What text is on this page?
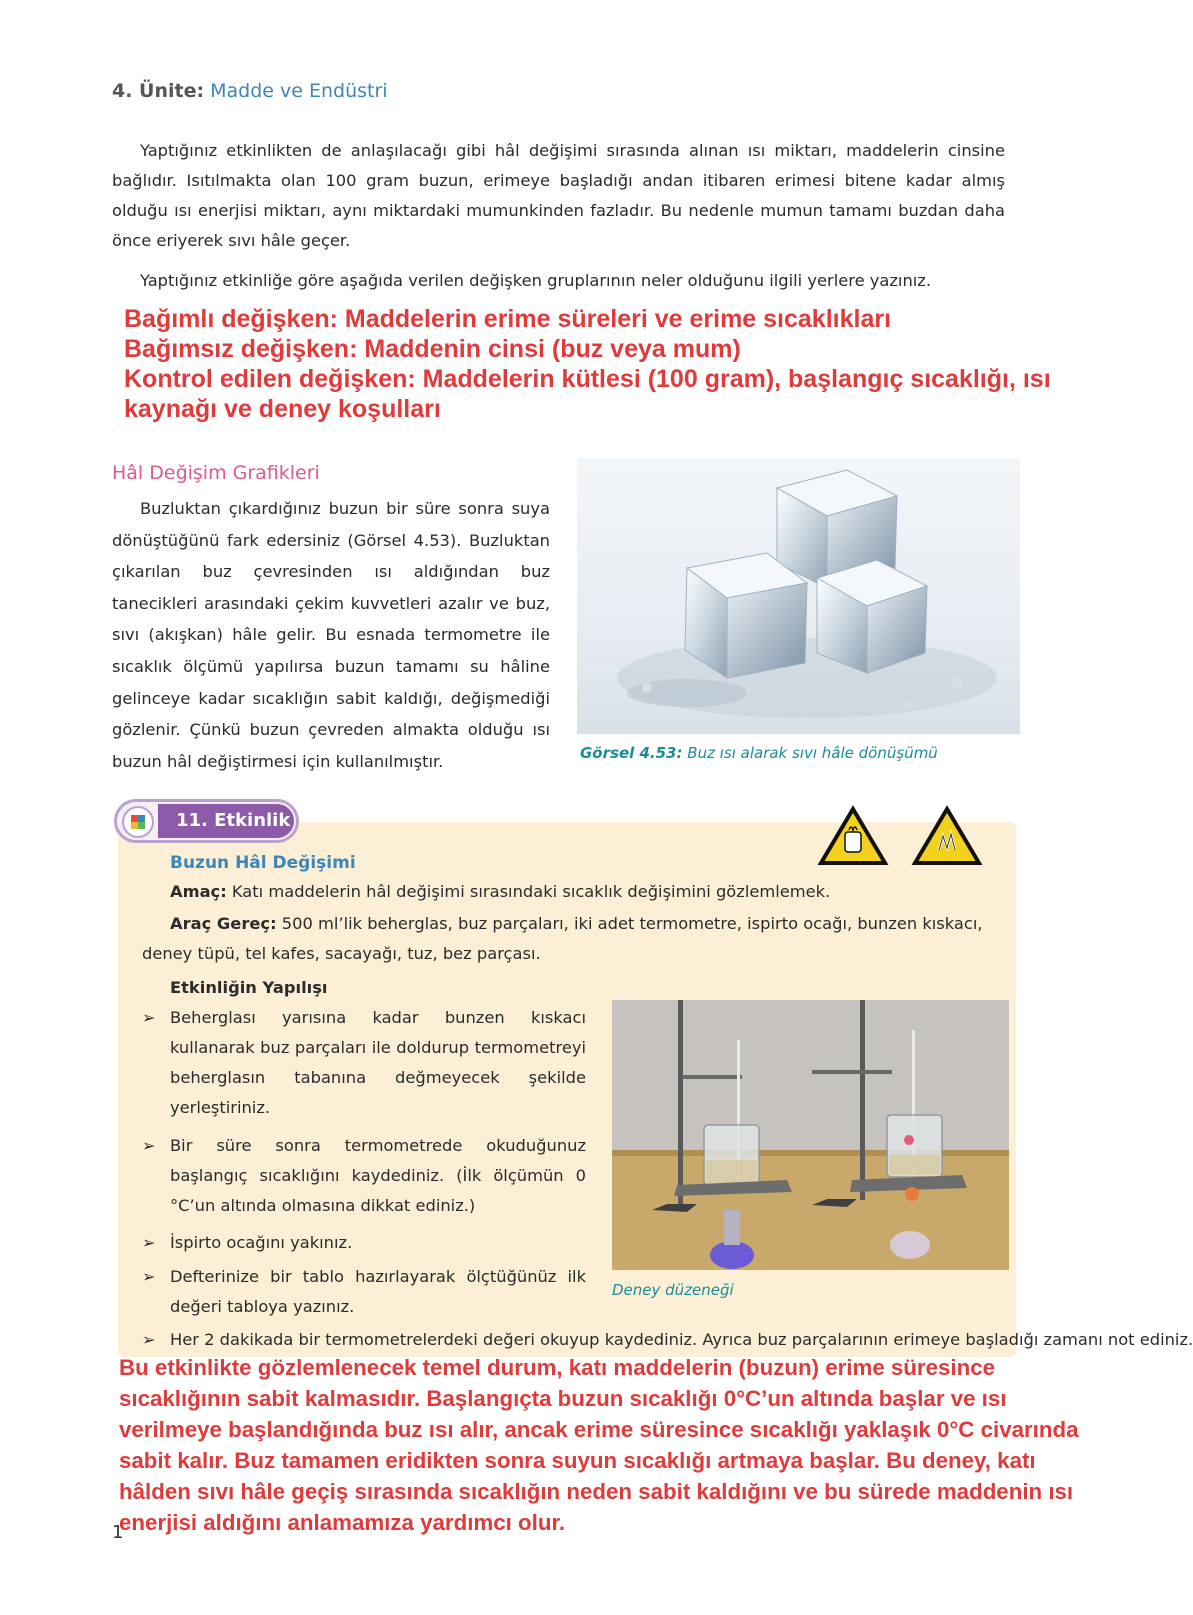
4. Ünite: Madde ve Endüstri
Yaptığınız etkinlikten de anlaşılacağı gibi hâl değişimi sırasında alınan ısı miktarı, maddelerin cinsine bağlıdır. Isıtılmakta olan 100 gram buzun, erimeye başladığı andan itibaren erimesi bitene kadar almış olduğu ısı enerjisi miktarı, aynı miktardaki mumunkinden fazladır. Bu nedenle mumun tamamı buzdan daha önce eriyerek sıvı hâle geçer.
Yaptığınız etkinliğe göre aşağıda verilen değişken gruplarının neler olduğunu ilgili yerlere yazınız.
Bağımlı değişken: Maddelerin erime süreleri ve erime sıcaklıkları
Bağımsız değişken: Maddenin cinsi (buz veya mum)
Kontrol edilen değişken: Maddelerin kütlesi (100 gram), başlangıç sıcaklığı, ısı kaynağı ve deney koşulları
Hâl Değişim Grafikleri
Buzluktan çıkardığınız buzun bir süre sonra suya dönüştüğünü fark edersiniz (Görsel 4.53). Buzluktan çıkarılan buz çevresinden ısı aldığından buz tanecikleri arasındaki çekim kuvvetleri azalır ve buz, sıvı (akışkan) hâle gelir. Bu esnada termometre ile sıcaklık ölçümü yapılırsa buzun tamamı su hâline gelinceye kadar sıcaklığın sabit kaldığı, değişmediği gözlenir. Çünkü buzun çevreden almakta olduğu ısı buzun hâl değiştirmesi için kullanılmıştır.	Görsel 4.53: Buz ısı alarak sıvı hâle dönüşümü
11. Etkinlik
Buzun Hâl Değişimi
Amaç: Katı maddelerin hâl değişimi sırasındaki sıcaklık değişimini gözlemlemek.
Araç Gereç: 500 ml’lik beherglas, buz parçaları, iki adet termometre, ispirto ocağı, bunzen kıskacı, deney tüpü, tel kafes, sacayağı, tuz, bez parçası.
Etkinliğin Yapılışı
➢ Beherglası yarısına kadar bunzen kıskacı kullanarak buz parçaları ile doldurup termometreyi beherglasın tabanına değmeyecek şekilde yerleştiriniz.
➢ Bir süre sonra termometrede okuduğunuz başlangıç sıcaklığını kaydediniz. (İlk ölçümün 0 °C’un altında olmasına dikkat ediniz.)
➢ İspirto ocağını yakınız.
➢ Defterinize bir tablo hazırlayarak ölçtüğünüz ilk değeri tabloya yazınız.
➢ Her 2 dakikada bir termometrelerdeki değeri okuyup kaydediniz. Ayrıca buz parçalarının erimeye başladığı zamanı not ediniz.
Deney düzeneği
Bu etkinlikte gözlemlenecek temel durum, katı maddelerin (buzun) erime süresince sıcaklığının sabit kalmasıdır. Başlangıçta buzun sıcaklığı 0°C’un altında başlar ve ısı verilmeye başlandığında buz ısı alır, ancak erime süresince sıcaklığı yaklaşık 0°C civarında sabit kalır. Buz tamamen eridikten sonra suyun sıcaklığı artmaya başlar. Bu deney, katı hâlden sıvı hâle geçiş sırasında sıcaklığın neden sabit kaldığını ve bu sürede maddenin ısı enerjisi aldığını anlamamıza yardımcı olur.
1
